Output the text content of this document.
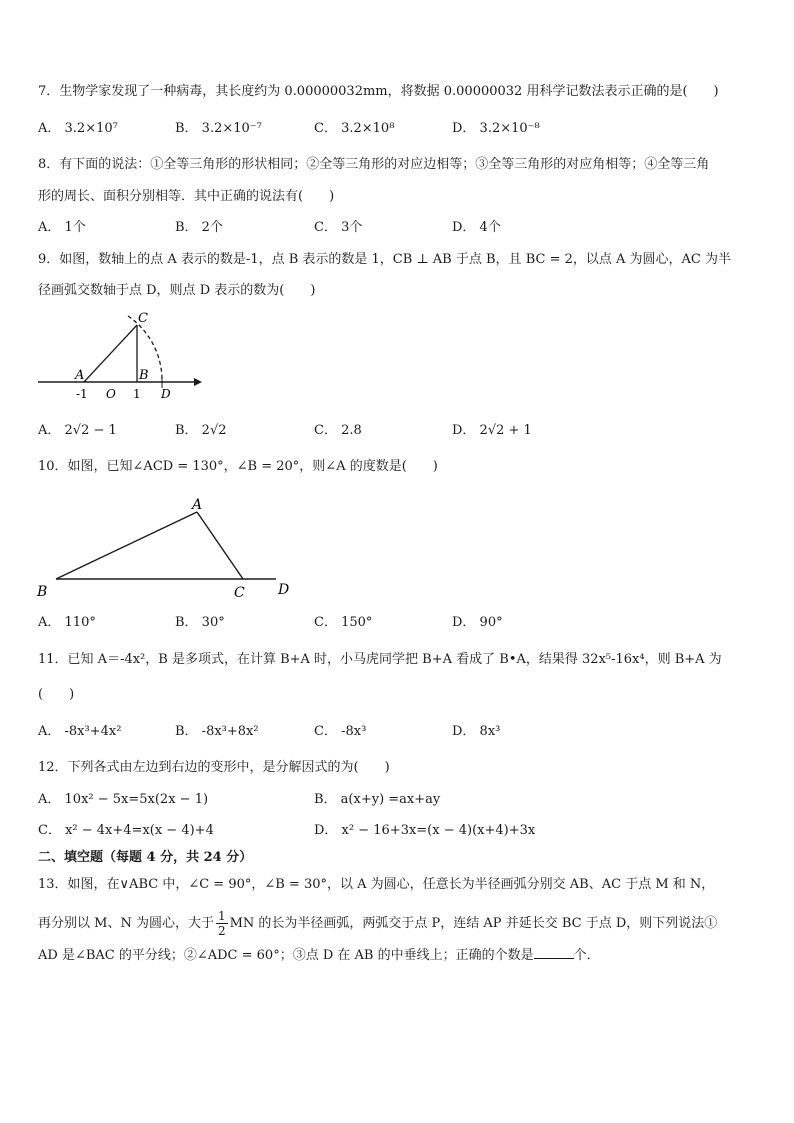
7．生物学家发现了一种病毒，其长度约为 0.00000032mm，将数据 0.00000032 用科学记数法表示正确的是(　　)
A． 3.2×10⁷	B． 3.2×10⁻⁷	C． 3.2×10⁸	D． 3.2×10⁻⁸
8．有下面的说法：①全等三角形的形状相同；②全等三角形的对应边相等；③全等三角形的对应角相等；④全等三角
形的周长、面积分别相等．其中正确的说法有(　　)
A． 1个	B． 2个	C． 3个	D． 4个
9．如图，数轴上的点 A 表示的数是-1，点 B 表示的数是 1，CB ⊥ AB 于点 B，且 BC = 2，以点 A 为圆心，AC 为半
径画弧交数轴于点 D，则点 D 表示的数为(　　)
C
A	B
-1 O 1 D
A． 2√2 − 1	B． 2√2	C． 2.8	D． 2√2 + 1
10．如图，已知∠ACD = 130°，∠B = 20°，则∠A 的度数是(　　)
A
B	C D
A． 110°	B． 30°	C． 150°	D． 90°
11．已知 A＝-4x²，B 是多项式，在计算 B+A 时，小马虎同学把 B+A 看成了 B•A，结果得 32x⁵-16x⁴，则 B+A 为
(　　)
A． -8x³+4x²	B． -8x³+8x²	C． -8x³	D． 8x³
12．下列各式由左边到右边的变形中，是分解因式的为(　　)
A． 10x² − 5x=5x(2x − 1)	B． a(x+y) =ax+ay
C． x² − 4x+4=x(x − 4)+4	D． x² − 16+3x=(x − 4)(x+4)+3x
二、填空题（每题 4 分，共 24 分）
13．如图，在∨ABC 中，∠C = 90°，∠B = 30°，以 A 为圆心，任意长为半径画弧分别交 AB、AC 于点 M 和 N，
再分别以 M、N 为圆心，大于 $\frac{1}{2}$ MN 的长为半径画弧，两弧交于点 P，连结 AP 并延长交 BC 于点 D，则下列说法①
AD 是∠BAC 的平分线；②∠ADC = 60°；③点 D 在 AB 的中垂线上；正确的个数是	个．
